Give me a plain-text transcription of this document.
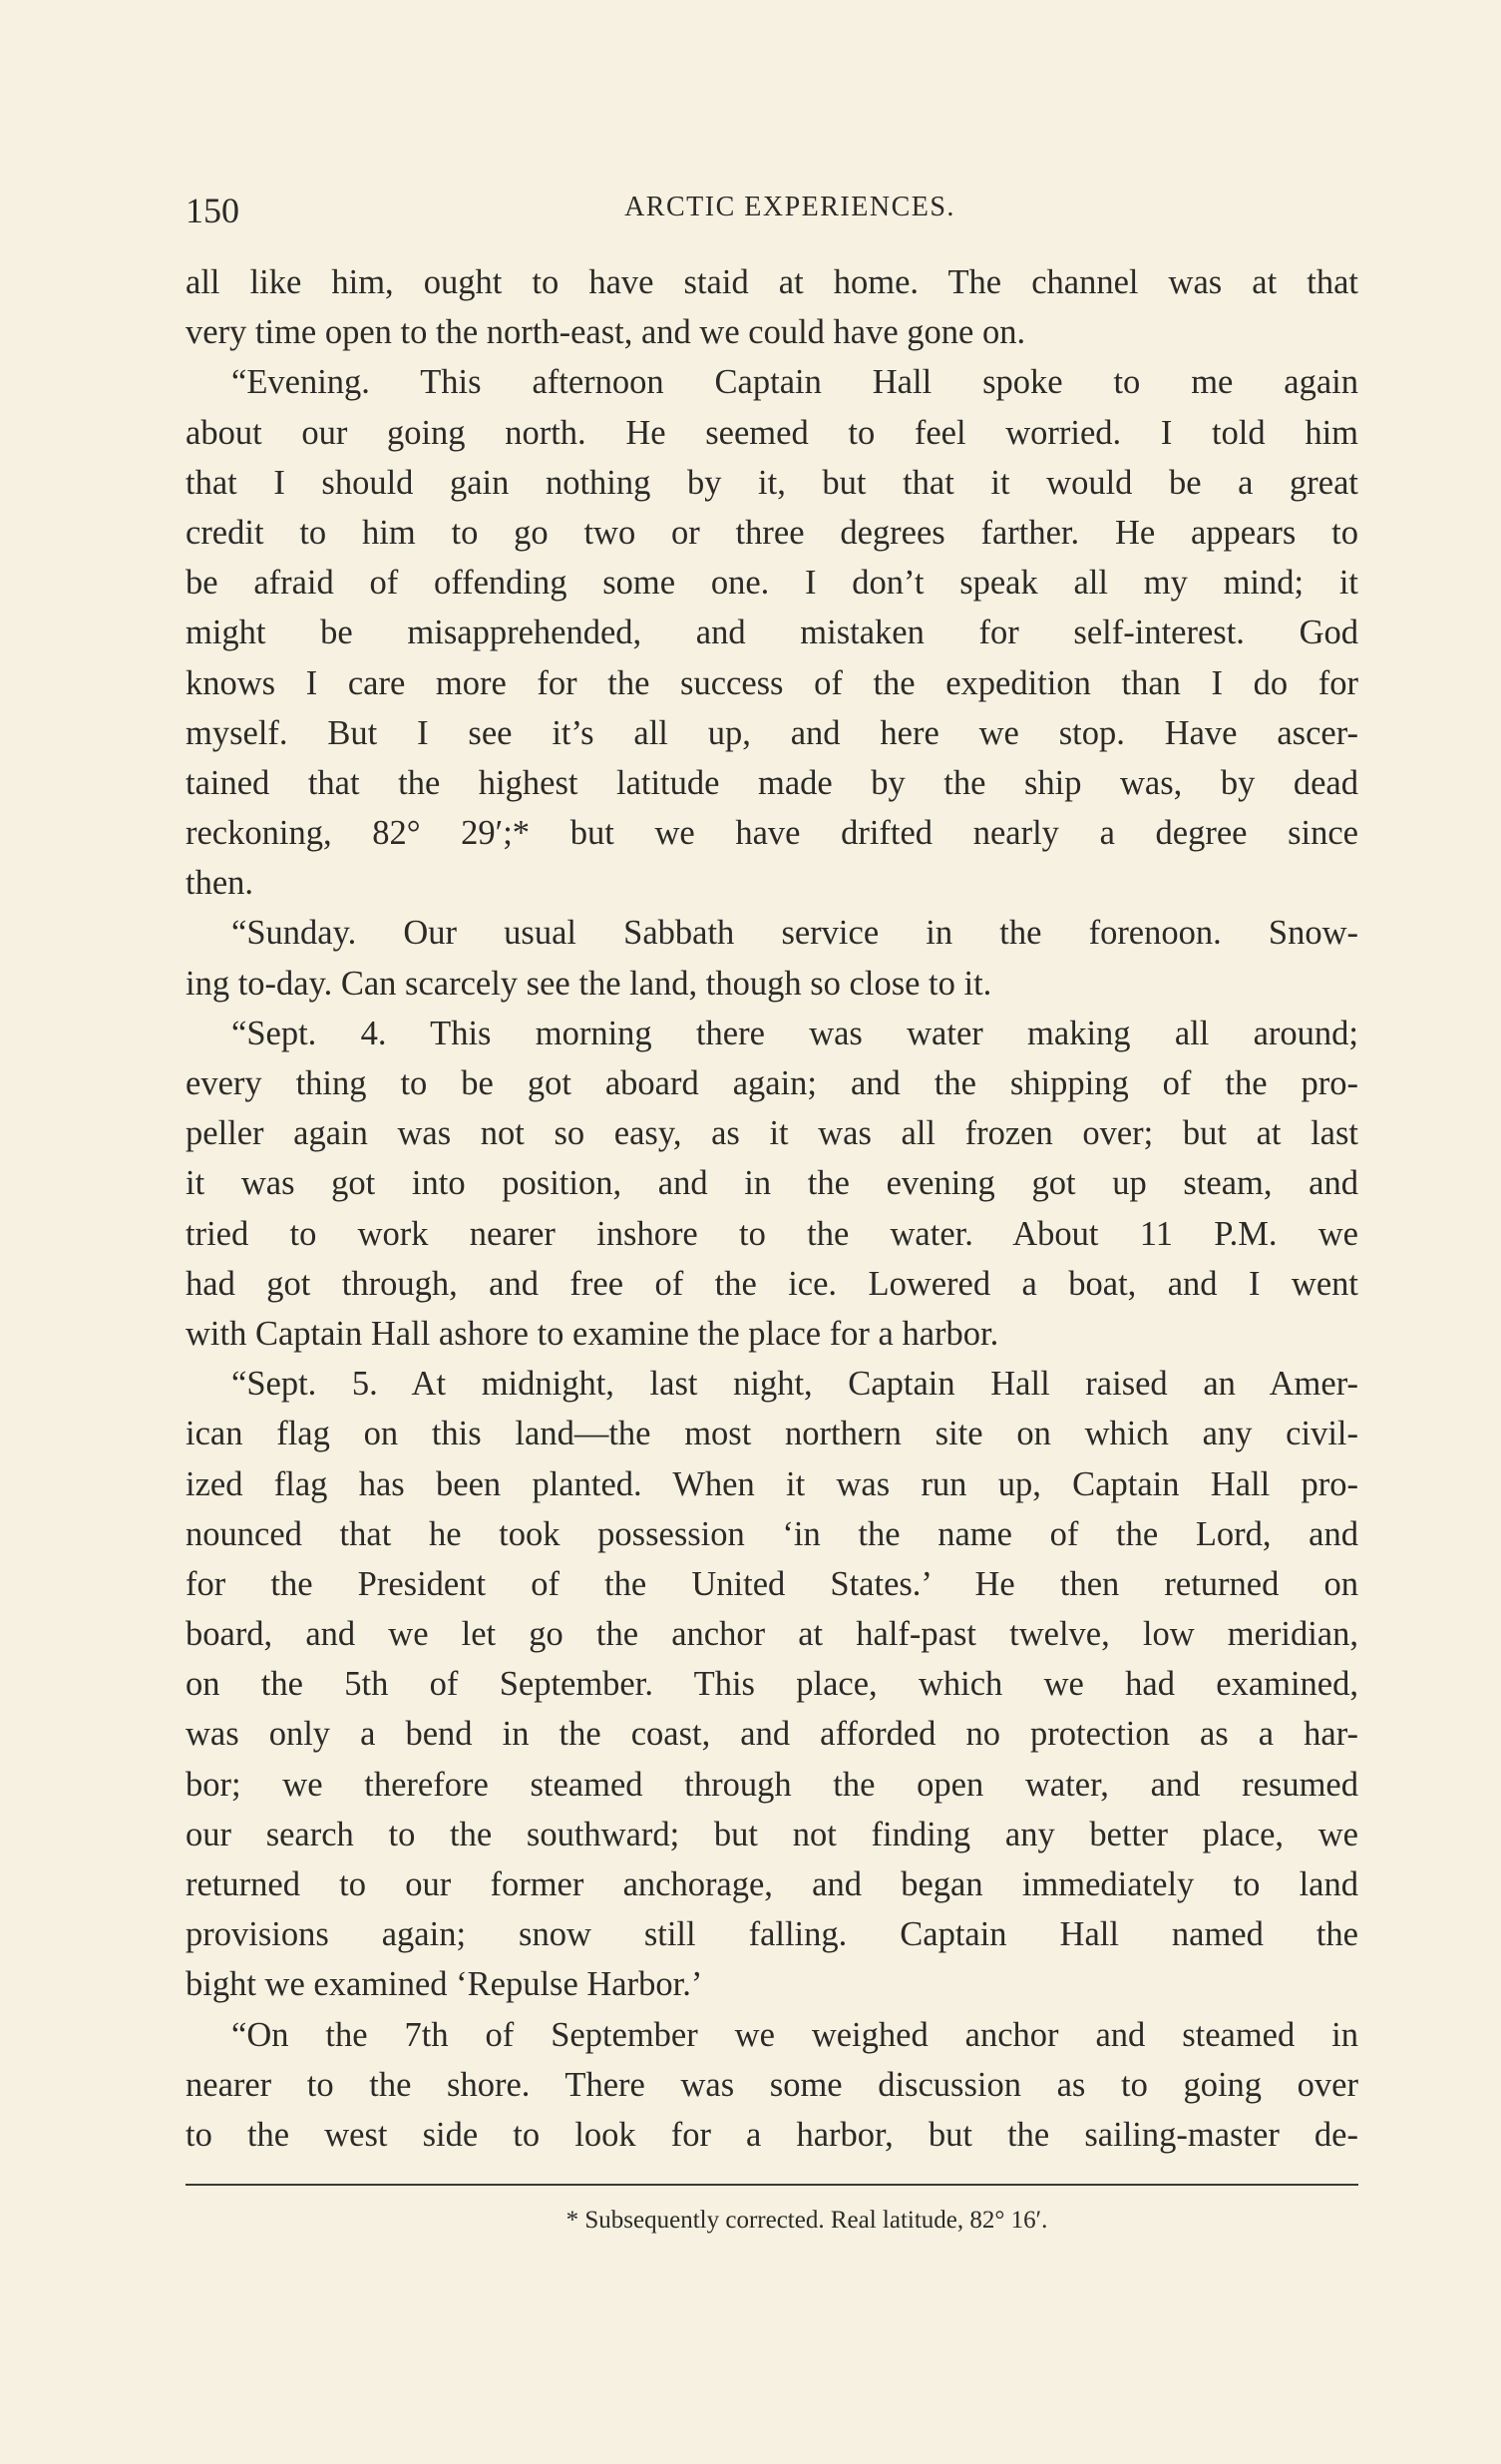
150	ARCTIC EXPERIENCES.
all like him, ought to have staid at home. The channel was at that
very time open to the north-east, and we could have gone on.
“Evening. This afternoon Captain Hall spoke to me again
about our going north. He seemed to feel worried. I told him
that I should gain nothing by it, but that it would be a great
credit to him to go two or three degrees farther. He appears to
be afraid of offending some one. I don’t speak all my mind; it
might be misapprehended, and mistaken for self-interest. God
knows I care more for the success of the expedition than I do for
myself. But I see it’s all up, and here we stop. Have ascer-
tained that the highest latitude made by the ship was, by dead
reckoning, 82° 29′;* but we have drifted nearly a degree since
then.
“Sunday. Our usual Sabbath service in the forenoon. Snow-
ing to-day. Can scarcely see the land, though so close to it.
“Sept. 4. This morning there was water making all around;
every thing to be got aboard again; and the shipping of the pro-
peller again was not so easy, as it was all frozen over; but at last
it was got into position, and in the evening got up steam, and
tried to work nearer inshore to the water. About 11 P.M. we
had got through, and free of the ice. Lowered a boat, and I went
with Captain Hall ashore to examine the place for a harbor.
“Sept. 5. At midnight, last night, Captain Hall raised an Amer-
ican flag on this land—the most northern site on which any civil-
ized flag has been planted. When it was run up, Captain Hall pro-
nounced that he took possession ‘in the name of the Lord, and
for the President of the United States.’ He then returned on
board, and we let go the anchor at half-past twelve, low meridian,
on the 5th of September. This place, which we had examined,
was only a bend in the coast, and afforded no protection as a har-
bor; we therefore steamed through the open water, and resumed
our search to the southward; but not finding any better place, we
returned to our former anchorage, and began immediately to land
provisions again; snow still falling. Captain Hall named the
bight we examined ‘Repulse Harbor.’
“On the 7th of September we weighed anchor and steamed in
nearer to the shore. There was some discussion as to going over
to the west side to look for a harbor, but the sailing-master de-
* Subsequently corrected. Real latitude, 82° 16′.
